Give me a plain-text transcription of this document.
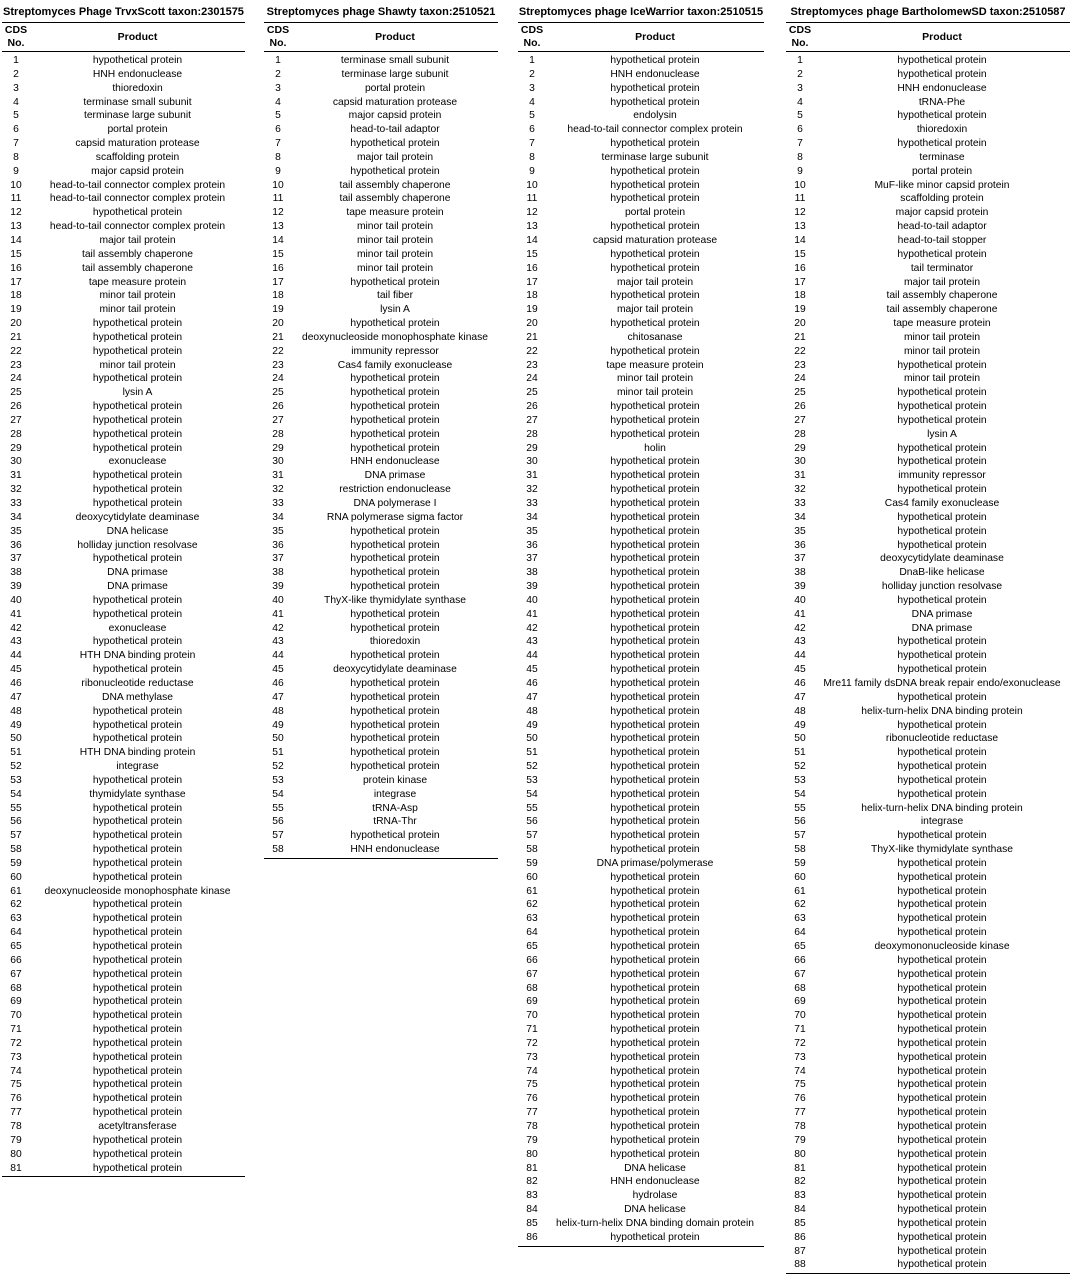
Streptomyces Phage TrvxScott taxon:2301575
CDS
No.	Product
1	hypothetical protein
2	HNH endonuclease
3	thioredoxin
4	terminase small subunit
5	terminase large subunit
6	portal protein
7	capsid maturation protease
8	scaffolding protein
9	major capsid protein
10	head-to-tail connector complex protein
11	head-to-tail connector complex protein
12	hypothetical protein
13	head-to-tail connector complex protein
14	major tail protein
15	tail assembly chaperone
16	tail assembly chaperone
17	tape measure protein
18	minor tail protein
19	minor tail protein
20	hypothetical protein
21	hypothetical protein
22	hypothetical protein
23	minor tail protein
24	hypothetical protein
25	lysin A
26	hypothetical protein
27	hypothetical protein
28	hypothetical protein
29	hypothetical protein
30	exonuclease
31	hypothetical protein
32	hypothetical protein
33	hypothetical protein
34	deoxycytidylate deaminase
35	DNA helicase
36	holliday junction resolvase
37	hypothetical protein
38	DNA primase
39	DNA primase
40	hypothetical protein
41	hypothetical protein
42	exonuclease
43	hypothetical protein
44	HTH DNA binding protein
45	hypothetical protein
46	ribonucleotide reductase
47	DNA methylase
48	hypothetical protein
49	hypothetical protein
50	hypothetical protein
51	HTH DNA binding protein
52	integrase
53	hypothetical protein
54	thymidylate synthase
55	hypothetical protein
56	hypothetical protein
57	hypothetical protein
58	hypothetical protein
59	hypothetical protein
60	hypothetical protein
61	deoxynucleoside monophosphate kinase
62	hypothetical protein
63	hypothetical protein
64	hypothetical protein
65	hypothetical protein
66	hypothetical protein
67	hypothetical protein
68	hypothetical protein
69	hypothetical protein
70	hypothetical protein
71	hypothetical protein
72	hypothetical protein
73	hypothetical protein
74	hypothetical protein
75	hypothetical protein
76	hypothetical protein
77	hypothetical protein
78	acetyltransferase
79	hypothetical protein
80	hypothetical protein
81	hypothetical protein
Streptomyces phage Shawty taxon:2510521
CDS
No.	Product
1	terminase small subunit
2	terminase large subunit
3	portal protein
4	capsid maturation protease
5	major capsid protein
6	head-to-tail adaptor
7	hypothetical protein
8	major tail protein
9	hypothetical protein
10	tail assembly chaperone
11	tail assembly chaperone
12	tape measure protein
13	minor tail protein
14	minor tail protein
15	minor tail protein
16	minor tail protein
17	hypothetical protein
18	tail fiber
19	lysin A
20	hypothetical protein
21	deoxynucleoside monophosphate kinase
22	immunity repressor
23	Cas4 family exonuclease
24	hypothetical protein
25	hypothetical protein
26	hypothetical protein
27	hypothetical protein
28	hypothetical protein
29	hypothetical protein
30	HNH endonuclease
31	DNA primase
32	restriction endonuclease
33	DNA polymerase I
34	RNA polymerase sigma factor
35	hypothetical protein
36	hypothetical protein
37	hypothetical protein
38	hypothetical protein
39	hypothetical protein
40	ThyX-like thymidylate synthase
41	hypothetical protein
42	hypothetical protein
43	thioredoxin
44	hypothetical protein
45	deoxycytidylate deaminase
46	hypothetical protein
47	hypothetical protein
48	hypothetical protein
49	hypothetical protein
50	hypothetical protein
51	hypothetical protein
52	hypothetical protein
53	protein kinase
54	integrase
55	tRNA-Asp
56	tRNA-Thr
57	hypothetical protein
58	HNH endonuclease
Streptomyces phage IceWarrior taxon:2510515
CDS
No.	Product
1	hypothetical protein
2	HNH endonuclease
3	hypothetical protein
4	hypothetical protein
5	endolysin
6	head-to-tail connector complex protein
7	hypothetical protein
8	terminase large subunit
9	hypothetical protein
10	hypothetical protein
11	hypothetical protein
12	portal protein
13	hypothetical protein
14	capsid maturation protease
15	hypothetical protein
16	hypothetical protein
17	major tail protein
18	hypothetical protein
19	major tail protein
20	hypothetical protein
21	chitosanase
22	hypothetical protein
23	tape measure protein
24	minor tail protein
25	minor tail protein
26	hypothetical protein
27	hypothetical protein
28	hypothetical protein
29	holin
30	hypothetical protein
31	hypothetical protein
32	hypothetical protein
33	hypothetical protein
34	hypothetical protein
35	hypothetical protein
36	hypothetical protein
37	hypothetical protein
38	hypothetical protein
39	hypothetical protein
40	hypothetical protein
41	hypothetical protein
42	hypothetical protein
43	hypothetical protein
44	hypothetical protein
45	hypothetical protein
46	hypothetical protein
47	hypothetical protein
48	hypothetical protein
49	hypothetical protein
50	hypothetical protein
51	hypothetical protein
52	hypothetical protein
53	hypothetical protein
54	hypothetical protein
55	hypothetical protein
56	hypothetical protein
57	hypothetical protein
58	hypothetical protein
59	DNA primase/polymerase
60	hypothetical protein
61	hypothetical protein
62	hypothetical protein
63	hypothetical protein
64	hypothetical protein
65	hypothetical protein
66	hypothetical protein
67	hypothetical protein
68	hypothetical protein
69	hypothetical protein
70	hypothetical protein
71	hypothetical protein
72	hypothetical protein
73	hypothetical protein
74	hypothetical protein
75	hypothetical protein
76	hypothetical protein
77	hypothetical protein
78	hypothetical protein
79	hypothetical protein
80	hypothetical protein
81	DNA helicase
82	HNH endonuclease
83	hydrolase
84	DNA helicase
85	helix-turn-helix DNA binding domain protein
86	hypothetical protein
Streptomyces phage BartholomewSD taxon:2510587
CDS
No.	Product
1	hypothetical protein
2	hypothetical protein
3	HNH endonuclease
4	tRNA-Phe
5	hypothetical protein
6	thioredoxin
7	hypothetical protein
8	terminase
9	portal protein
10	MuF-like minor capsid protein
11	scaffolding protein
12	major capsid protein
13	head-to-tail adaptor
14	head-to-tail stopper
15	hypothetical protein
16	tail terminator
17	major tail protein
18	tail assembly chaperone
19	tail assembly chaperone
20	tape measure protein
21	minor tail protein
22	minor tail protein
23	hypothetical protein
24	minor tail protein
25	hypothetical protein
26	hypothetical protein
27	hypothetical protein
28	lysin A
29	hypothetical protein
30	hypothetical protein
31	immunity repressor
32	hypothetical protein
33	Cas4 family exonuclease
34	hypothetical protein
35	hypothetical protein
36	hypothetical protein
37	deoxycytidylate deaminase
38	DnaB-like helicase
39	holliday junction resolvase
40	hypothetical protein
41	DNA primase
42	DNA primase
43	hypothetical protein
44	hypothetical protein
45	hypothetical protein
46	Mre11 family dsDNA break repair endo/exonuclease
47	hypothetical protein
48	helix-turn-helix DNA binding protein
49	hypothetical protein
50	ribonucleotide reductase
51	hypothetical protein
52	hypothetical protein
53	hypothetical protein
54	hypothetical protein
55	helix-turn-helix DNA binding protein
56	integrase
57	hypothetical protein
58	ThyX-like thymidylate synthase
59	hypothetical protein
60	hypothetical protein
61	hypothetical protein
62	hypothetical protein
63	hypothetical protein
64	hypothetical protein
65	deoxymononucleoside kinase
66	hypothetical protein
67	hypothetical protein
68	hypothetical protein
69	hypothetical protein
70	hypothetical protein
71	hypothetical protein
72	hypothetical protein
73	hypothetical protein
74	hypothetical protein
75	hypothetical protein
76	hypothetical protein
77	hypothetical protein
78	hypothetical protein
79	hypothetical protein
80	hypothetical protein
81	hypothetical protein
82	hypothetical protein
83	hypothetical protein
84	hypothetical protein
85	hypothetical protein
86	hypothetical protein
87	hypothetical protein
88	hypothetical protein
